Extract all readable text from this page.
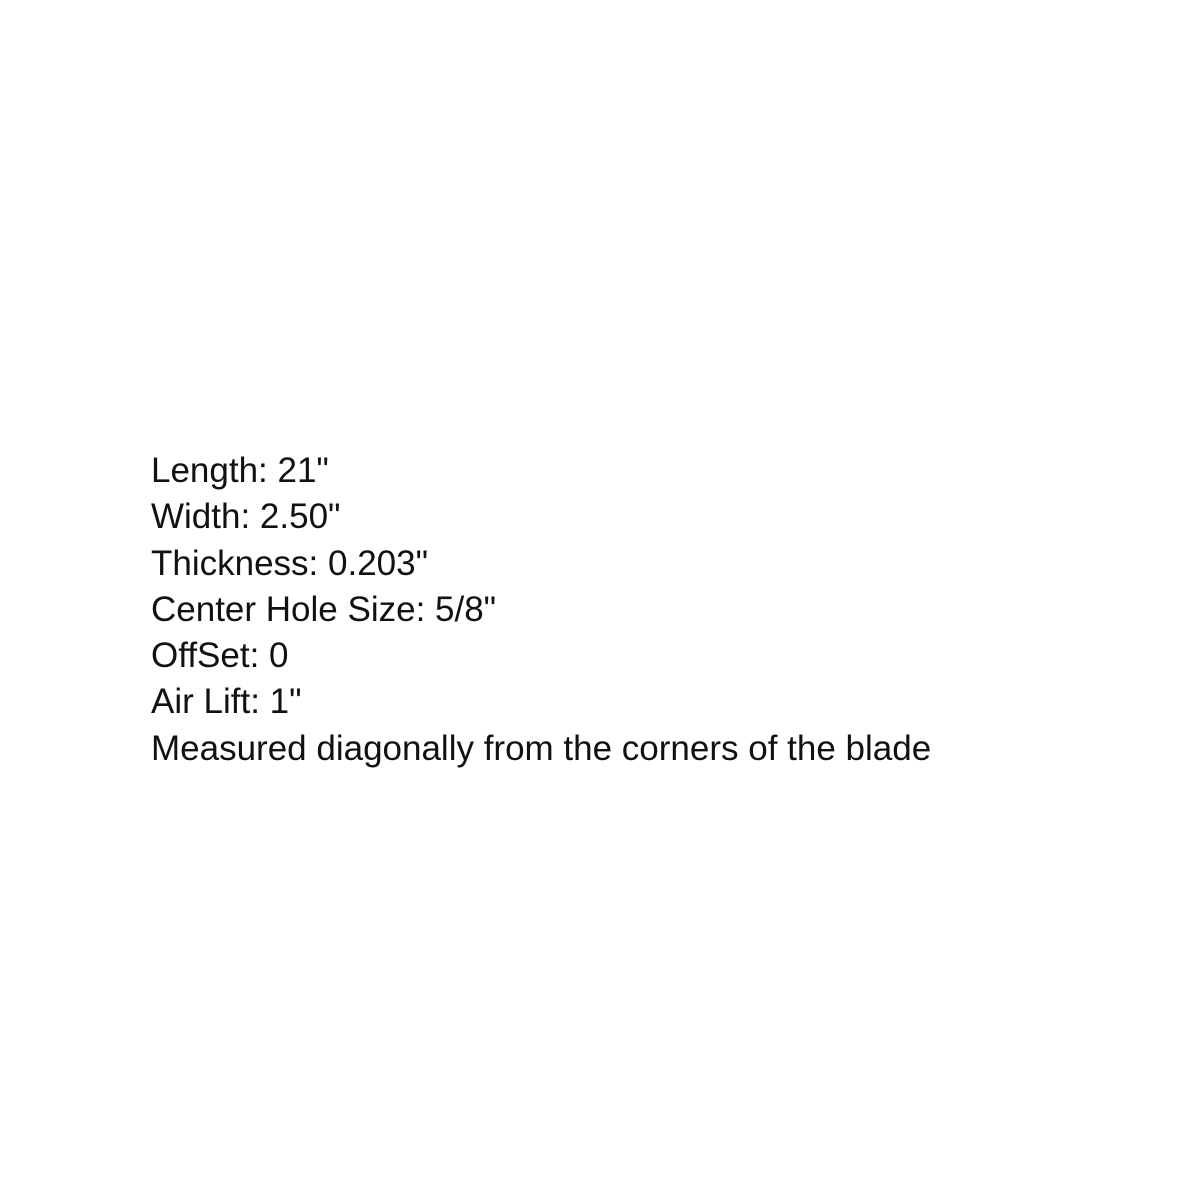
Length: 21"
Width: 2.50"
Thickness: 0.203"
Center Hole Size: 5/8"
OffSet: 0
Air Lift: 1"
Measured diagonally from the corners of the blade
